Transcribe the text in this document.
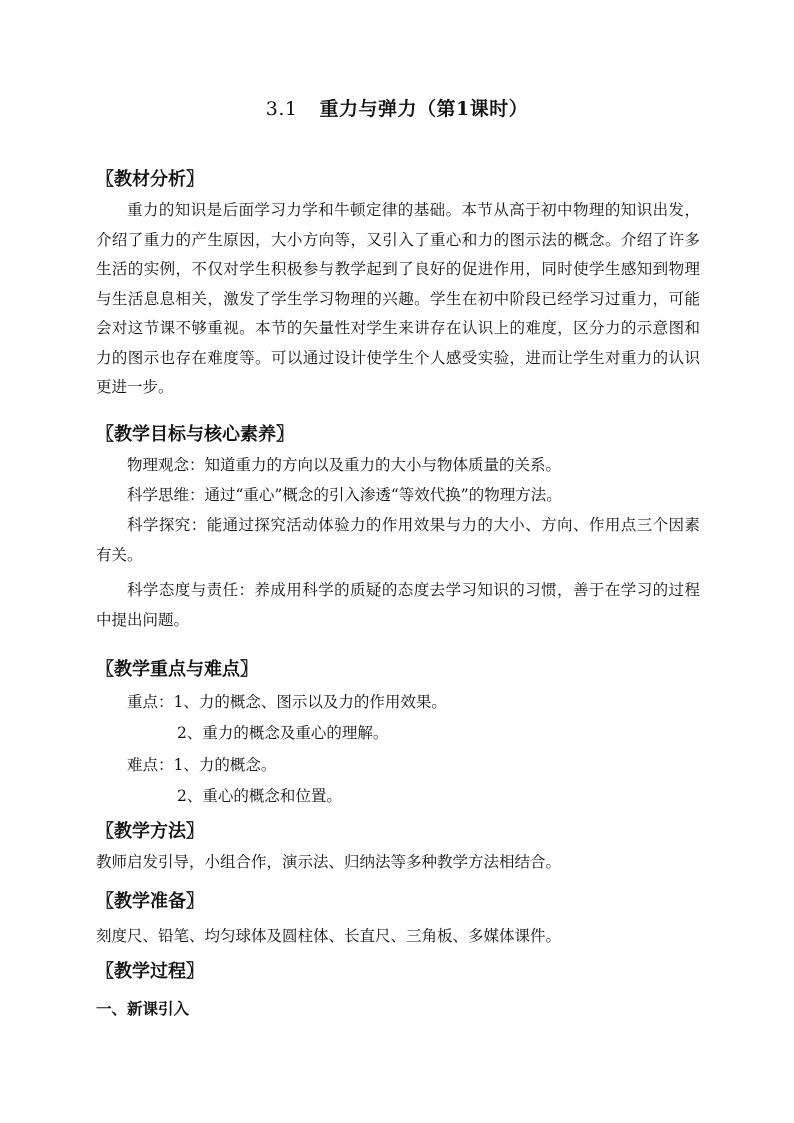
3.1 重力与弹力（第1课时）
〖教材分析〗
重力的知识是后面学习力学和牛顿定律的基础。本节从高于初中物理的知识出发，介绍了重力的产生原因，大小方向等，又引入了重心和力的图示法的概念。介绍了许多生活的实例，不仅对学生积极参与教学起到了良好的促进作用，同时使学生感知到物理与生活息息相关，激发了学生学习物理的兴趣。学生在初中阶段已经学习过重力，可能会对这节课不够重视。本节的矢量性对学生来讲存在认识上的难度，区分力的示意图和力的图示也存在难度等。可以通过设计使学生个人感受实验，进而让学生对重力的认识更进一步。
〖教学目标与核心素养〗
物理观念：知道重力的方向以及重力的大小与物体质量的关系。
科学思维：通过“重心”概念的引入渗透“等效代换”的物理方法。
科学探究：能通过探究活动体验力的作用效果与力的大小、方向、作用点三个因素有关。
科学态度与责任：养成用科学的质疑的态度去学习知识的习惯，善于在学习的过程中提出问题。
〖教学重点与难点〗
重点：1、力的概念、图示以及力的作用效果。
2、重力的概念及重心的理解。
难点：1、力的概念。
2、重心的概念和位置。
〖教学方法〗
教师启发引导，小组合作，演示法、归纳法等多种教学方法相结合。
〖教学准备〗
刻度尺、铅笔、均匀球体及圆柱体、长直尺、三角板、多媒体课件。
〖教学过程〗
一、新课引入
